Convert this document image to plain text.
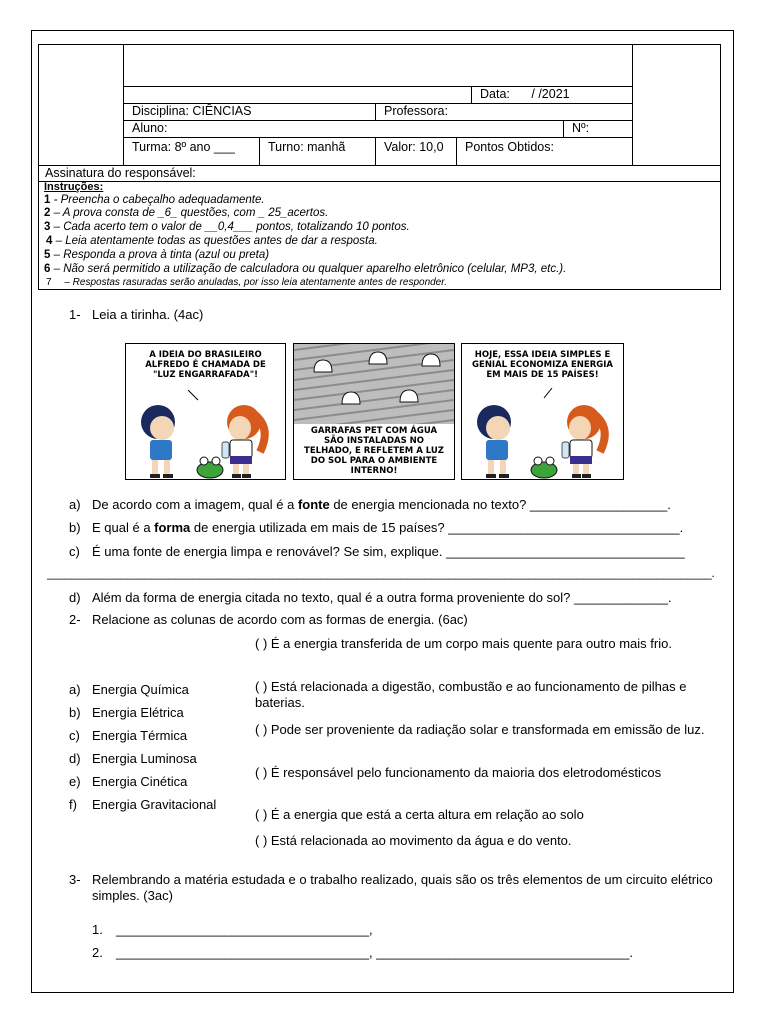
Data: / /2021
Disciplina: CIÊNCIAS	Professora:
Aluno:	Nº:
Turma: 8º ano ___	Turno: manhã	Valor: 10,0	Pontos Obtidos:
Assinatura do responsável:
Instruções:
1 - Preencha o cabeçalho adequadamente.
2 – A prova consta de _6_ questões, com _ 25_acertos.
3 – Cada acerto tem o valor de __0,4___ pontos, totalizando 10 pontos.
4 – Leia atentamente todas as questões antes de dar a resposta.
5 – Responda a prova à tinta (azul ou preta)
6 – Não será permitido a utilização de calculadora ou qualquer aparelho eletrônico (celular, MP3, etc.).
7 – Respostas rasuradas serão anuladas, por isso leia atentamente antes de responder.
1- Leia a tirinha. (4ac)
A IDEIA DO BRASILEIRO ALFREDO É CHAMADA DE "LUZ ENGARRAFADA"!
GARRAFAS PET COM ÁGUA SÃO INSTALADAS NO TELHADO, E REFLETEM A LUZ DO SOL PARA O AMBIENTE INTERNO!
HOJE, ESSA IDEIA SIMPLES E GENIAL ECONOMIZA ENERGIA EM MAIS DE 15 PAÍSES!
a) De acordo com a imagem, qual é a fonte de energia mencionada no texto? ___________________.
b) E qual é a forma de energia utilizada em mais de 15 países? ________________________________.
c) É uma fonte de energia limpa e renovável? Se sim, explique. _________________________________
_____________________________________________________________________________________________________________.
d) Além da forma de energia citada no texto, qual é a outra forma proveniente do sol? _____________.
2- Relacione as colunas de acordo com as formas de energia. (6ac)
a) Energia Química
b) Energia Elétrica
c) Energia Térmica
d) Energia Luminosa
e) Energia Cinética
f) Energia Gravitacional
( ) É a energia transferida de um corpo mais quente para outro mais frio.
( ) Está relacionada a digestão, combustão e ao funcionamento de pilhas e baterias.
( ) Pode ser proveniente da radiação solar e transformada em emissão de luz.
( ) É responsável pelo funcionamento da maioria dos eletrodomésticos
( ) É a energia que está a certa altura em relação ao solo
( ) Está relacionada ao movimento da água e do vento.
3- Relembrando a matéria estudada e o trabalho realizado, quais são os três elementos de um circuito elétrico simples. (3ac)
1. ___________________________________,
2. ___________________________________, ___________________________________.
